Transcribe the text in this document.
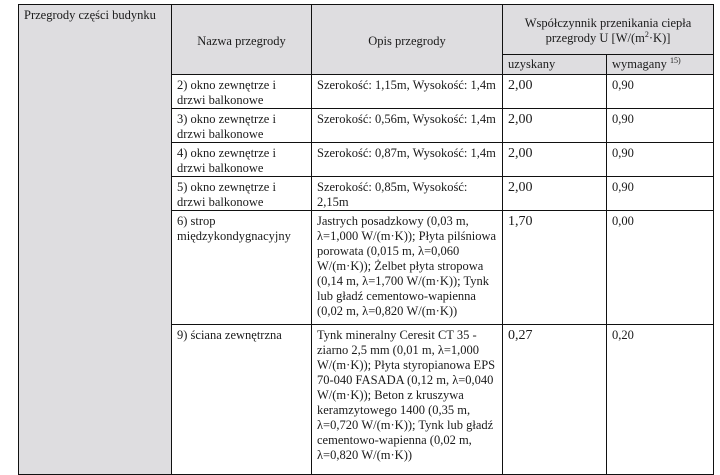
Przegrody części budynku	Nazwa przegrody	Opis przegrody	Współczynnik przenikania ciepła
przegrody U $[W/(m^2\cdot K)]$	

			uzyskany	wymagany $^{15)}$
	2) okno zewnętrze i drzwi balkonowe	Szerokość: 1,15m, Wysokość: 1,4m	2,00	0,90
	3) okno zewnętrze i drzwi balkonowe	Szerokość: 0,56m, Wysokość: 1,4m	2,00	0,90
	4) okno zewnętrze i drzwi balkonowe	Szerokość: 0,87m, Wysokość: 1,4m	2,00	0,90
	5) okno zewnętrze i drzwi balkonowe	Szerokość: 0,85m, Wysokość: 2,15m	2,00	0,90
	6) strop międzykondygnacyjny	Jastrych posadzkowy (0,03 m, λ=1,000 W/(m·K)); Płyta pilśniowa porowata (0,015 m, λ=0,060 W/(m·K)); Żelbet płyta stropowa (0,14 m, λ=1,700 W/(m·K)); Tynk lub gładź cementowo-wapienna (0,02 m, λ=0,820 W/(m·K))	1,70	0,00
	9) ściana zewnętrzna	Tynk mineralny Ceresit CT 35 - ziarno 2,5 mm (0,01 m, λ=1,000 W/(m·K)); Płyta styropianowa EPS 70-040 FASADA (0,12 m, λ=0,040 W/(m·K)); Beton z kruszywa keramzytowego 1400 (0,35 m, λ=0,720 W/(m·K)); Tynk lub gładź cementowo-wapienna (0,02 m, λ=0,820 W/(m·K))	0,27	0,20
